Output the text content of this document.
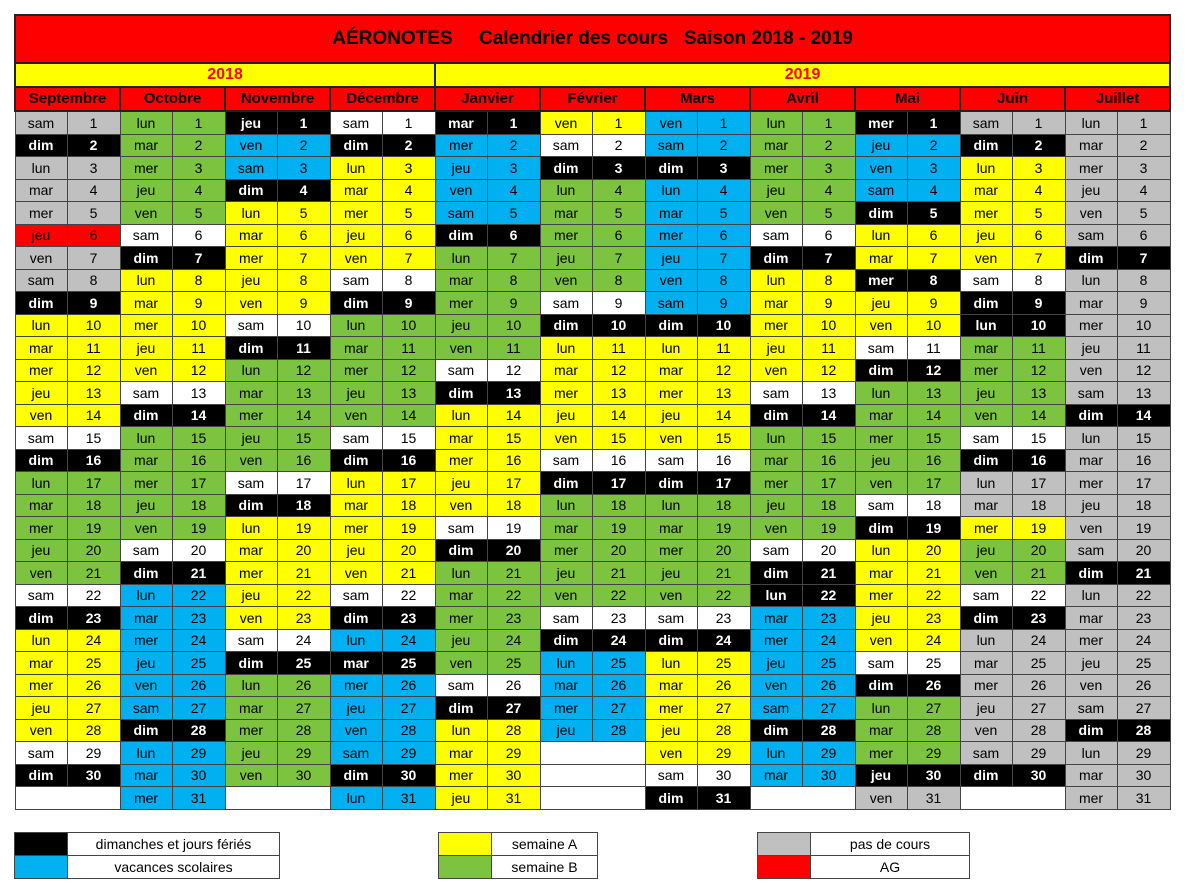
AÉRONOTES     Calendrier des cours   Saison 2018 - 2019																					
2018								2019													
Septembre		Octobre		Novembre		Décembre		Janvier		Février		Mars		Avril		Mai		Juin		Juillet	
sam	1	lun	1	jeu	1	sam	1	mar	1	ven	1	ven	1	lun	1	mer	1	sam	1	lun	1
dim	2	mar	2	ven	2	dim	2	mer	2	sam	2	sam	2	mar	2	jeu	2	dim	2	mar	2
lun	3	mer	3	sam	3	lun	3	jeu	3	dim	3	dim	3	mer	3	ven	3	lun	3	mer	3
mar	4	jeu	4	dim	4	mar	4	ven	4	lun	4	lun	4	jeu	4	sam	4	mar	4	jeu	4
mer	5	ven	5	lun	5	mer	5	sam	5	mar	5	mar	5	ven	5	dim	5	mer	5	ven	5
jeu	6	sam	6	mar	6	jeu	6	dim	6	mer	6	mer	6	sam	6	lun	6	jeu	6	sam	6
ven	7	dim	7	mer	7	ven	7	lun	7	jeu	7	jeu	7	dim	7	mar	7	ven	7	dim	7
sam	8	lun	8	jeu	8	sam	8	mar	8	ven	8	ven	8	lun	8	mer	8	sam	8	lun	8
dim	9	mar	9	ven	9	dim	9	mer	9	sam	9	sam	9	mar	9	jeu	9	dim	9	mar	9
lun	10	mer	10	sam	10	lun	10	jeu	10	dim	10	dim	10	mer	10	ven	10	lun	10	mer	10
mar	11	jeu	11	dim	11	mar	11	ven	11	lun	11	lun	11	jeu	11	sam	11	mar	11	jeu	11
mer	12	ven	12	lun	12	mer	12	sam	12	mar	12	mar	12	ven	12	dim	12	mer	12	ven	12
jeu	13	sam	13	mar	13	jeu	13	dim	13	mer	13	mer	13	sam	13	lun	13	jeu	13	sam	13
ven	14	dim	14	mer	14	ven	14	lun	14	jeu	14	jeu	14	dim	14	mar	14	ven	14	dim	14
sam	15	lun	15	jeu	15	sam	15	mar	15	ven	15	ven	15	lun	15	mer	15	sam	15	lun	15
dim	16	mar	16	ven	16	dim	16	mer	16	sam	16	sam	16	mar	16	jeu	16	dim	16	mar	16
lun	17	mer	17	sam	17	lun	17	jeu	17	dim	17	dim	17	mer	17	ven	17	lun	17	mer	17
mar	18	jeu	18	dim	18	mar	18	ven	18	lun	18	lun	18	jeu	18	sam	18	mar	18	jeu	18
mer	19	ven	19	lun	19	mer	19	sam	19	mar	19	mar	19	ven	19	dim	19	mer	19	ven	19
jeu	20	sam	20	mar	20	jeu	20	dim	20	mer	20	mer	20	sam	20	lun	20	jeu	20	sam	20
ven	21	dim	21	mer	21	ven	21	lun	21	jeu	21	jeu	21	dim	21	mar	21	ven	21	dim	21
sam	22	lun	22	jeu	22	sam	22	mar	22	ven	22	ven	22	lun	22	mer	22	sam	22	lun	22
dim	23	mar	23	ven	23	dim	23	mer	23	sam	23	sam	23	mar	23	jeu	23	dim	23	mar	23
lun	24	mer	24	sam	24	lun	24	jeu	24	dim	24	dim	24	mer	24	ven	24	lun	24	mer	24
mar	25	jeu	25	dim	25	mar	25	ven	25	lun	25	lun	25	jeu	25	sam	25	mar	25	jeu	25
mer	26	ven	26	lun	26	mer	26	sam	26	mar	26	mar	26	ven	26	dim	26	mer	26	ven	26
jeu	27	sam	27	mar	27	jeu	27	dim	27	mer	27	mer	27	sam	27	lun	27	jeu	27	sam	27
ven	28	dim	28	mer	28	ven	28	lun	28	jeu	28	jeu	28	dim	28	mar	28	ven	28	dim	28
sam	29	lun	29	jeu	29	sam	29	mar	29			ven	29	lun	29	mer	29	sam	29	lun	29
dim	30	mar	30	ven	30	dim	30	mer	30			sam	30	mar	30	jeu	30	dim	30	mar	30
		mer	31			lun	31	jeu	31			dim	31			ven	31			mer	31
	dimanches et jours fériés
	vacances scolaires
	semaine A
	semaine B
	pas de cours
	AG
